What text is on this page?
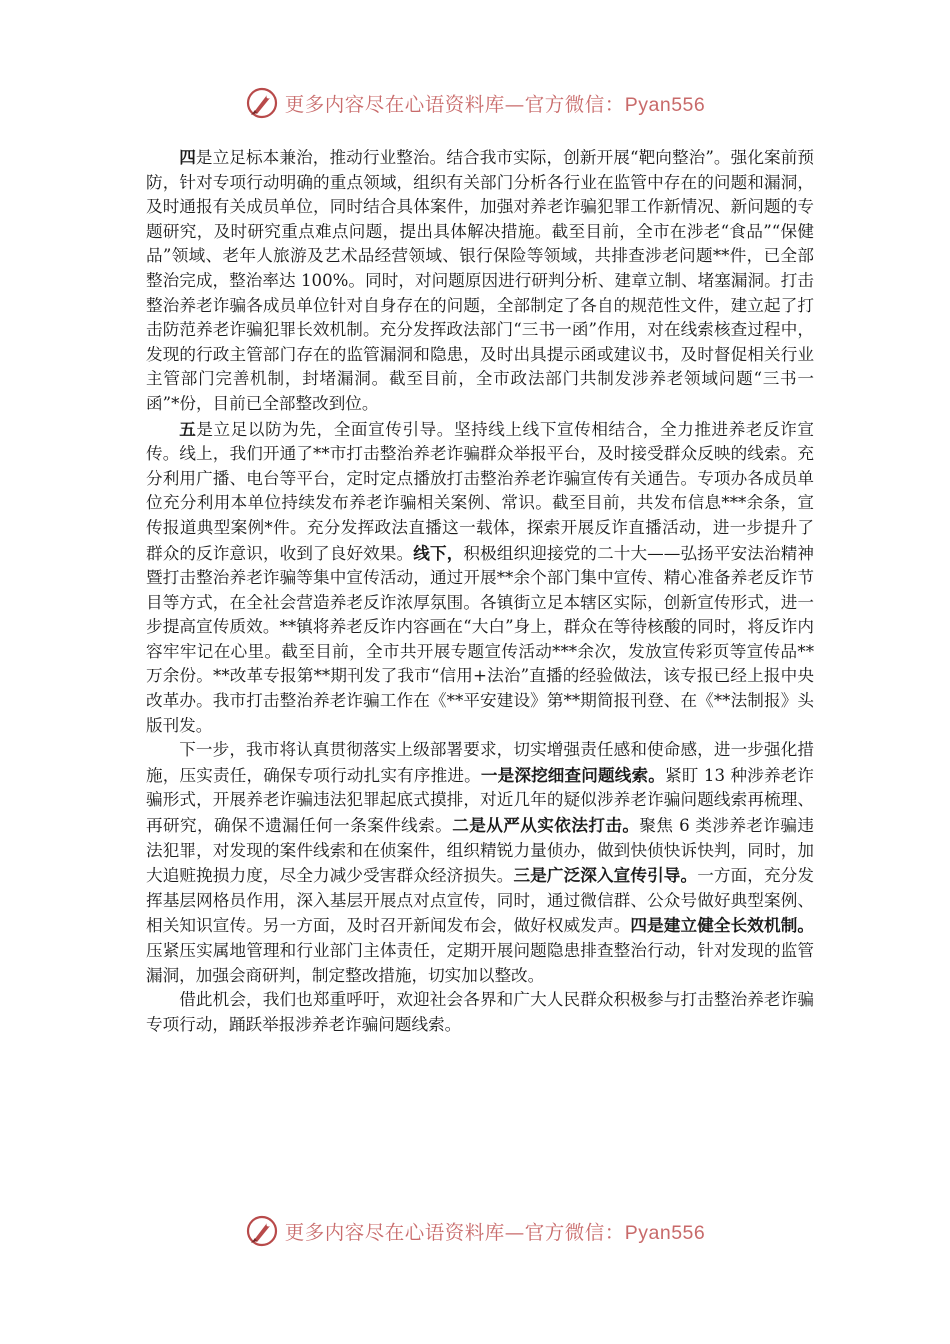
更多内容尽在心语资料库—官方微信：Pyan556

四是立足标本兼治，推动行业整治。结合我市实际，创新开展“靶向整治”。强化案前预防，针对专项行动明确的重点领域，组织有关部门分析各行业在监管中存在的问题和漏洞，及时通报有关成员单位，同时结合具体案件，加强对养老诈骗犯罪工作新情况、新问题的专题研究，及时研究重点难点问题，提出具体解决措施。截至目前，全市在涉老“食品”“保健品”领域、老年人旅游及艺术品经营领域、银行保险等领域，共排查涉老问题**件，已全部整治完成，整治率达 100%。同时，对问题原因进行研判分析、建章立制、堵塞漏洞。打击整治养老诈骗各成员单位针对自身存在的问题，全部制定了各自的规范性文件，建立起了打击防范养老诈骗犯罪长效机制。充分发挥政法部门“三书一函”作用，对在线索核查过程中，发现的行政主管部门存在的监管漏洞和隐患，及时出具提示函或建议书，及时督促相关行业主管部门完善机制，封堵漏洞。截至目前，全市政法部门共制发涉养老领域问题“三书一函”*份，目前已全部整改到位。

五是立足以防为先，全面宣传引导。坚持线上线下宣传相结合，全力推进养老反诈宣传。线上，我们开通了**市打击整治养老诈骗群众举报平台，及时接受群众反映的线索。充分利用广播、电台等平台，定时定点播放打击整治养老诈骗宣传有关通告。专项办各成员单位充分利用本单位持续发布养老诈骗相关案例、常识。截至目前，共发布信息***余条，宣传报道典型案例*件。充分发挥政法直播这一载体，探索开展反诈直播活动，进一步提升了群众的反诈意识，收到了良好效果。线下，积极组织迎接党的二十大——弘扬平安法治精神暨打击整治养老诈骗等集中宣传活动，通过开展**余个部门集中宣传、精心准备养老反诈节目等方式，在全社会营造养老反诈浓厚氛围。各镇街立足本辖区实际，创新宣传形式，进一步提高宣传质效。**镇将养老反诈内容画在“大白”身上，群众在等待核酸的同时，将反诈内容牢牢记在心里。截至目前，全市共开展专题宣传活动***余次，发放宣传彩页等宣传品**万余份。**改革专报第**期刊发了我市“信用+法治”直播的经验做法，该专报已经上报中央改革办。我市打击整治养老诈骗工作在《**平安建设》第**期简报刊登、在《**法制报》头版刊发。

下一步，我市将认真贯彻落实上级部署要求，切实增强责任感和使命感，进一步强化措施，压实责任，确保专项行动扎实有序推进。一是深挖细查问题线索。紧盯 13 种涉养老诈骗形式，开展养老诈骗违法犯罪起底式摸排，对近几年的疑似涉养老诈骗问题线索再梳理、再研究，确保不遗漏任何一条案件线索。二是从严从实依法打击。聚焦 6 类涉养老诈骗违法犯罪，对发现的案件线索和在侦案件，组织精锐力量侦办，做到快侦快诉快判，同时，加大追赃挽损力度，尽全力减少受害群众经济损失。三是广泛深入宣传引导。一方面，充分发挥基层网格员作用，深入基层开展点对点宣传，同时，通过微信群、公众号做好典型案例、相关知识宣传。另一方面，及时召开新闻发布会，做好权威发声。四是建立健全长效机制。压紧压实属地管理和行业部门主体责任，定期开展问题隐患排查整治行动，针对发现的监管漏洞，加强会商研判，制定整改措施，切实加以整改。

借此机会，我们也郑重呼吁，欢迎社会各界和广大人民群众积极参与打击整治养老诈骗专项行动，踊跃举报涉养老诈骗问题线索。

更多内容尽在心语资料库—官方微信：Pyan556
